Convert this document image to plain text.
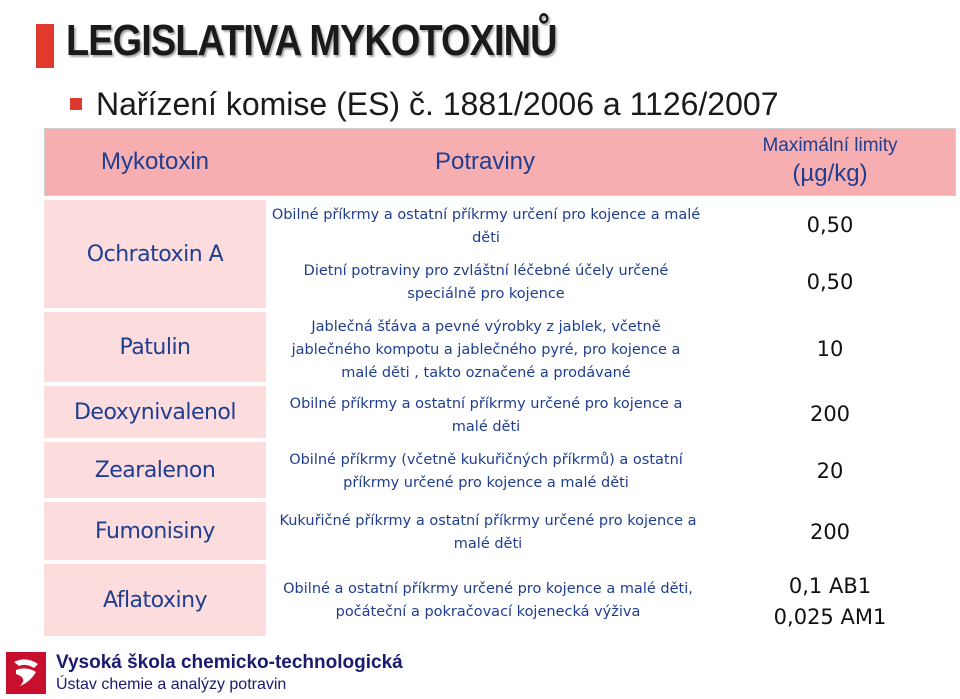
LEGISLATIVA MYKOTOXINŮ
Nařízení komise (ES) č. 1881/2006 a 1126/2007
Mykotoxin	Potraviny
Maximální limity
(µg/kg)
Ochratoxin A
Patulin
Deoxynivalenol
Zearalenon
Fumonisiny
Aflatoxiny
Obilné příkrmy a ostatní příkrmy určení pro kojence a malé děti
Dietní potraviny pro zvláštní léčebné účely určené speciálně pro kojence
Jablečná šťáva a pevné výrobky z jablek, včetně jablečného kompotu a jablečného pyré, pro kojence a malé děti , takto označené a prodávané
Obilné příkrmy a ostatní příkrmy určené pro kojence a malé děti
Obilné příkrmy (včetně kukuřičných příkrmů) a ostatní příkrmy určené pro kojence a malé děti
Kukuřičné příkrmy a ostatní příkrmy určené pro kojence a malé děti
Obilné a ostatní příkrmy určené pro kojence a malé děti, počáteční a pokračovací kojenecká výživa
0,50
0,50
10
200
20
200
0,1 AB1
0,025 AM1
Vysoká škola chemicko-technologická
Ústav chemie a analýzy potravin
